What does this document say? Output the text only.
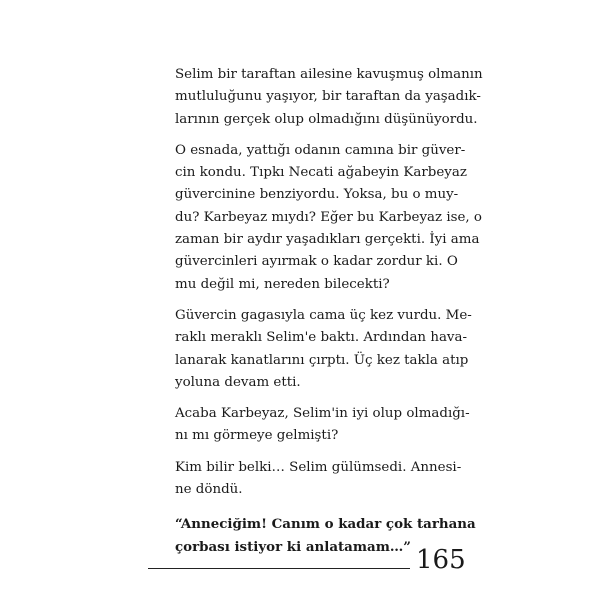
Selim bir taraftan ailesine kavuşmuş olmanın
mutluluğunu yaşıyor, bir taraftan da yaşadık-
larının gerçek olup olmadığını düşünüyordu.

O esnada, yattığı odanın camına bir güver-
cin kondu. Tıpkı Necati ağabeyin Karbeyaz
güvercinine benziyordu. Yoksa, bu o muy-
du? Karbeyaz mıydı? Eğer bu Karbeyaz ise, o
zaman bir aydır yaşadıkları gerçekti. İyi ama
güvercinleri ayırmak o kadar zordur ki. O
mu değil mi, nereden bilecekti?

Güvercin gagasıyla cama üç kez vurdu. Me-
raklı meraklı Selim'e baktı. Ardından hava-
lanarak kanatlarını çırptı. Üç kez takla atıp
yoluna devam etti.

Acaba Karbeyaz, Selim'in iyi olup olmadığı-
nı mı görmeye gelmişti?

Kim bilir belki… Selim gülümsedi. Annesi-
ne döndü.

“Anneciğim! Canım o kadar çok tarhana
çorbası istiyor ki anlatamam…” 165
